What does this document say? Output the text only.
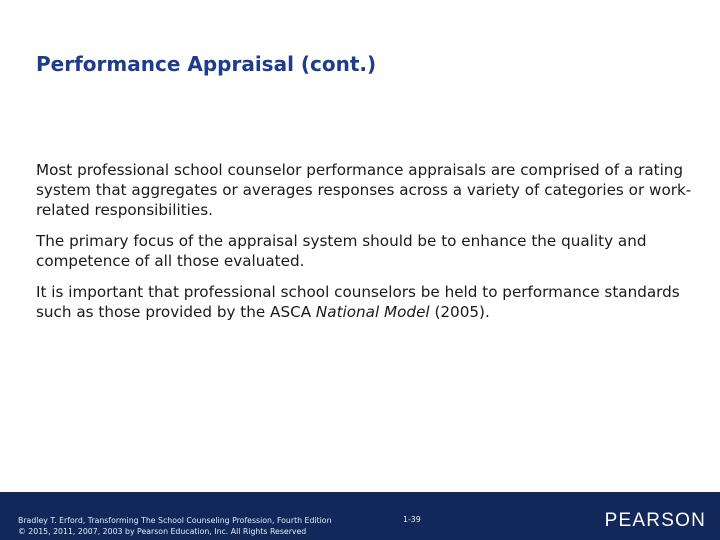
Performance Appraisal (cont.)

Most professional school counselor performance appraisals are comprised of a rating system that aggregates or averages responses across a variety of categories or work-related responsibilities.

The primary focus of the appraisal system should be to enhance the quality and competence of all those evaluated.

It is important that professional school counselors be held to performance standards such as those provided by the ASCA National Model (2005).

Bradley T. Erford, Transforming The School Counseling Profession, Fourth Edition
© 2015, 2011, 2007, 2003 by Pearson Education, Inc. All Rights Reserved
1-39	PEARSON
